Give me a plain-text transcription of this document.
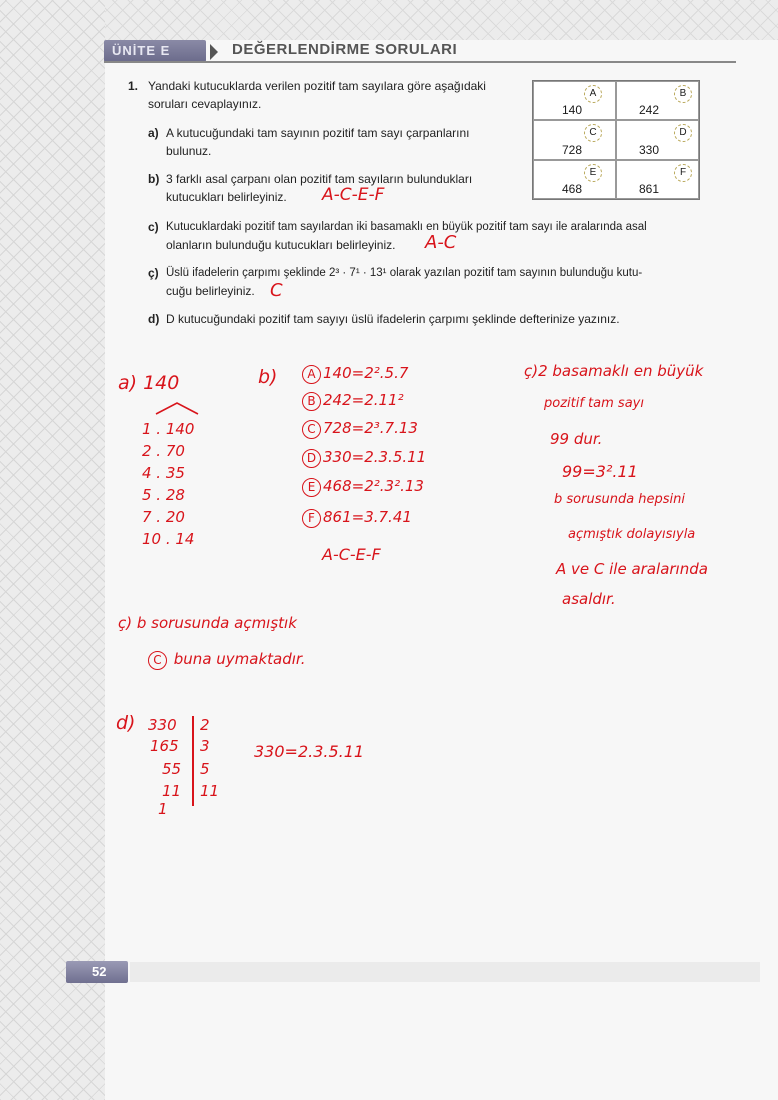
ÜNİTE E	DEĞERLENDİRME SORULARI
1. Yandaki kutucuklarda verilen pozitif tam sayılara göre aşağıdaki
soruları cevaplayınız.
a) A kutucuğundaki tam sayının pozitif tam sayı çarpanlarını
bulunuz.
b) 3 farklı asal çarpanı olan pozitif tam sayıların bulundukları
kutucukları belirleyiniz.
c) Kutucuklardaki pozitif tam sayılardan iki basamaklı en büyük pozitif tam sayı ile aralarında asal
olanların bulunduğu kutucukları belirleyiniz.
ç) Üslü ifadelerin çarpımı şeklinde 2³ · 7¹ · 13¹ olarak yazılan pozitif tam sayının bulunduğu kutu-
cuğu belirleyiniz.
d) D kutucuğundaki pozitif tam sayıyı üslü ifadelerin çarpımı şeklinde defterinize yazınız.
A
140
B
242
C
728
D
330
E
468
F
861
A-C-E-F
A-C
C
a) 140
1 . 140
2 . 70
4 . 35
5 . 28
7 . 20
10 . 14
b)	A 140=2².5.7
B 242=2.11²
C 728=2³.7.13
D 330=2.3.5.11
E 468=2².3².13
F 861=3.7.41
A-C-E-F
ç)2 basamaklı en büyük
pozitif tam sayı
99 dur.
99=3².11
b sorusunda hepsini
açmıştık dolayısıyla
A ve C ile aralarında
asaldır.
ç) b sorusunda açmıştık
C buna uymaktadır.
d) 330
165
55
11
1
2
3
5
11
330=2.3.5.11
52
